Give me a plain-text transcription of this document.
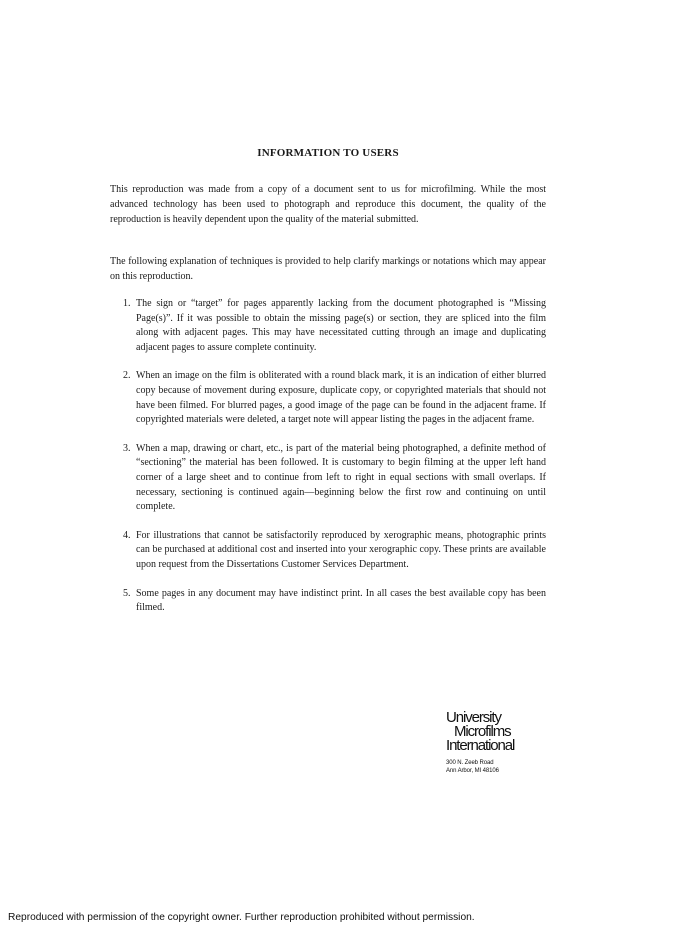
INFORMATION TO USERS
This reproduction was made from a copy of a document sent to us for microfilming. While the most advanced technology has been used to photograph and reproduce this document, the quality of the reproduction is heavily dependent upon the quality of the material submitted.
The following explanation of techniques is provided to help clarify markings or notations which may appear on this reproduction.
1. The sign or “target” for pages apparently lacking from the document photographed is “Missing Page(s)”. If it was possible to obtain the missing page(s) or section, they are spliced into the film along with adjacent pages. This may have necessitated cutting through an image and duplicating adjacent pages to assure complete continuity.
2. When an image on the film is obliterated with a round black mark, it is an indication of either blurred copy because of movement during exposure, duplicate copy, or copyrighted materials that should not have been filmed. For blurred pages, a good image of the page can be found in the adjacent frame. If copyrighted materials were deleted, a target note will appear listing the pages in the adjacent frame.
3. When a map, drawing or chart, etc., is part of the material being photographed, a definite method of “sectioning” the material has been followed. It is customary to begin filming at the upper left hand corner of a large sheet and to continue from left to right in equal sections with small overlaps. If necessary, sectioning is continued again—beginning below the first row and continuing on until complete.
4. For illustrations that cannot be satisfactorily reproduced by xerographic means, photographic prints can be purchased at additional cost and inserted into your xerographic copy. These prints are available upon request from the Dissertations Customer Services Department.
5. Some pages in any document may have indistinct print. In all cases the best available copy has been filmed.
University
Microfilms
International
300 N. Zeeb Road
Ann Arbor, MI 48106
Reproduced with permission of the copyright owner. Further reproduction prohibited without permission.
